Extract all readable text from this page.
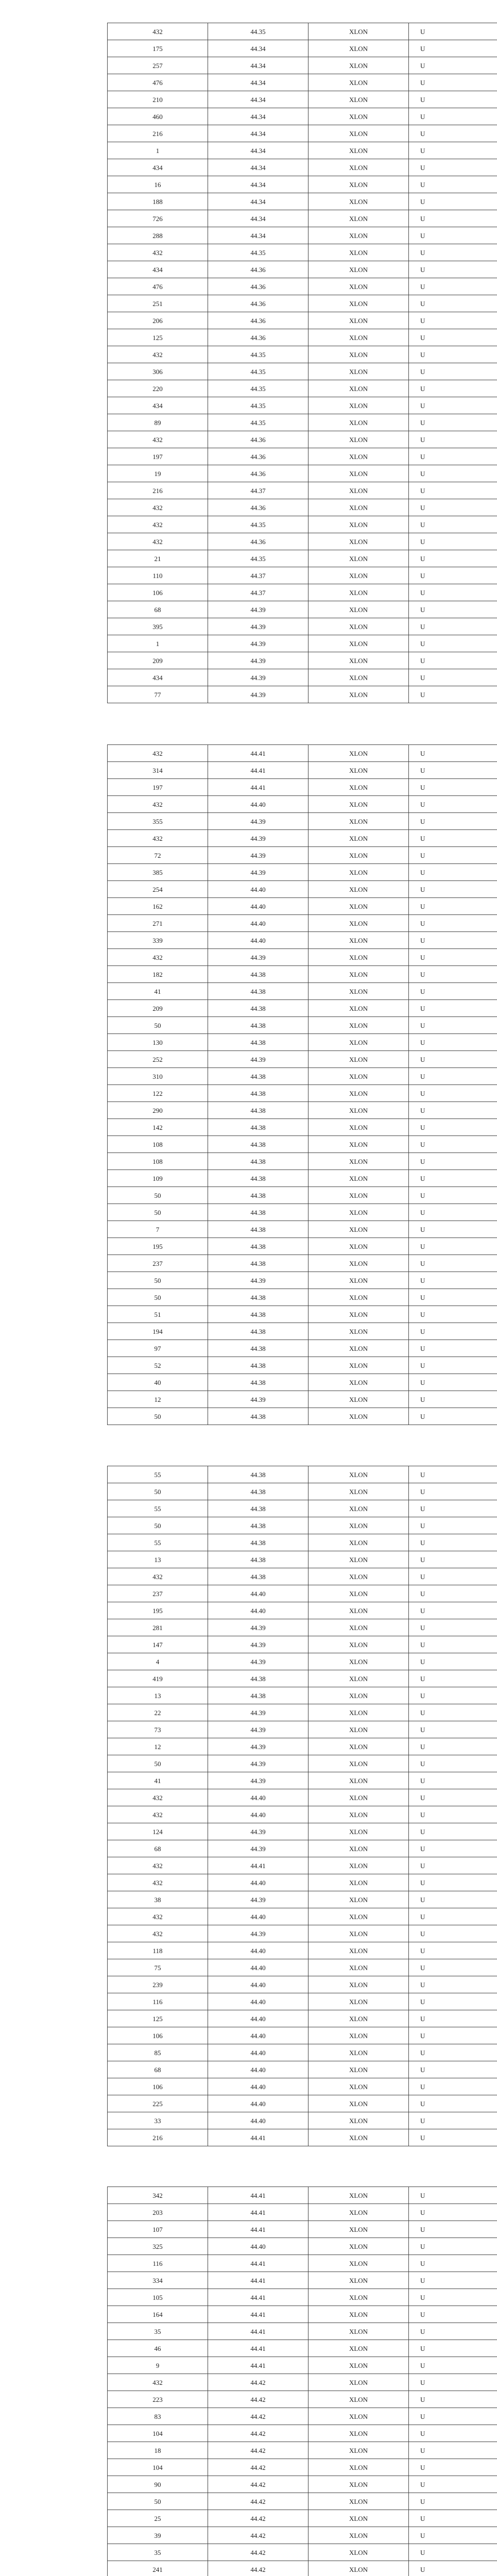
432	44.35	XLON	U
175	44.34	XLON	U
257	44.34	XLON	U
476	44.34	XLON	U
210	44.34	XLON	U
460	44.34	XLON	U
216	44.34	XLON	U
1	44.34	XLON	U
434	44.34	XLON	U
16	44.34	XLON	U
188	44.34	XLON	U
726	44.34	XLON	U
288	44.34	XLON	U
432	44.35	XLON	U
434	44.36	XLON	U
476	44.36	XLON	U
251	44.36	XLON	U
206	44.36	XLON	U
125	44.36	XLON	U
432	44.35	XLON	U
306	44.35	XLON	U
220	44.35	XLON	U
434	44.35	XLON	U
89	44.35	XLON	U
432	44.36	XLON	U
197	44.36	XLON	U
19	44.36	XLON	U
216	44.37	XLON	U
432	44.36	XLON	U
432	44.35	XLON	U
432	44.36	XLON	U
21	44.35	XLON	U
110	44.37	XLON	U
106	44.37	XLON	U
68	44.39	XLON	U
395	44.39	XLON	U
1	44.39	XLON	U
209	44.39	XLON	U
434	44.39	XLON	U
77	44.39	XLON	U
432	44.41	XLON	U
314	44.41	XLON	U
197	44.41	XLON	U
432	44.40	XLON	U
355	44.39	XLON	U
432	44.39	XLON	U
72	44.39	XLON	U
385	44.39	XLON	U
254	44.40	XLON	U
162	44.40	XLON	U
271	44.40	XLON	U
339	44.40	XLON	U
432	44.39	XLON	U
182	44.38	XLON	U
41	44.38	XLON	U
209	44.38	XLON	U
50	44.38	XLON	U
130	44.38	XLON	U
252	44.39	XLON	U
310	44.38	XLON	U
122	44.38	XLON	U
290	44.38	XLON	U
142	44.38	XLON	U
108	44.38	XLON	U
108	44.38	XLON	U
109	44.38	XLON	U
50	44.38	XLON	U
50	44.38	XLON	U
7	44.38	XLON	U
195	44.38	XLON	U
237	44.38	XLON	U
50	44.39	XLON	U
50	44.38	XLON	U
51	44.38	XLON	U
194	44.38	XLON	U
97	44.38	XLON	U
52	44.38	XLON	U
40	44.38	XLON	U
12	44.39	XLON	U
50	44.38	XLON	U
55	44.38	XLON	U
50	44.38	XLON	U
55	44.38	XLON	U
50	44.38	XLON	U
55	44.38	XLON	U
13	44.38	XLON	U
432	44.38	XLON	U
237	44.40	XLON	U
195	44.40	XLON	U
281	44.39	XLON	U
147	44.39	XLON	U
4	44.39	XLON	U
419	44.38	XLON	U
13	44.38	XLON	U
22	44.39	XLON	U
73	44.39	XLON	U
12	44.39	XLON	U
50	44.39	XLON	U
41	44.39	XLON	U
432	44.40	XLON	U
432	44.40	XLON	U
124	44.39	XLON	U
68	44.39	XLON	U
432	44.41	XLON	U
432	44.40	XLON	U
38	44.39	XLON	U
432	44.40	XLON	U
432	44.39	XLON	U
118	44.40	XLON	U
75	44.40	XLON	U
239	44.40	XLON	U
116	44.40	XLON	U
125	44.40	XLON	U
106	44.40	XLON	U
85	44.40	XLON	U
68	44.40	XLON	U
106	44.40	XLON	U
225	44.40	XLON	U
33	44.40	XLON	U
216	44.41	XLON	U
342	44.41	XLON	U
203	44.41	XLON	U
107	44.41	XLON	U
325	44.40	XLON	U
116	44.41	XLON	U
334	44.41	XLON	U
105	44.41	XLON	U
164	44.41	XLON	U
35	44.41	XLON	U
46	44.41	XLON	U
9	44.41	XLON	U
432	44.42	XLON	U
223	44.42	XLON	U
83	44.42	XLON	U
104	44.42	XLON	U
18	44.42	XLON	U
104	44.42	XLON	U
90	44.42	XLON	U
50	44.42	XLON	U
25	44.42	XLON	U
39	44.42	XLON	U
35	44.42	XLON	U
241	44.42	XLON	U
